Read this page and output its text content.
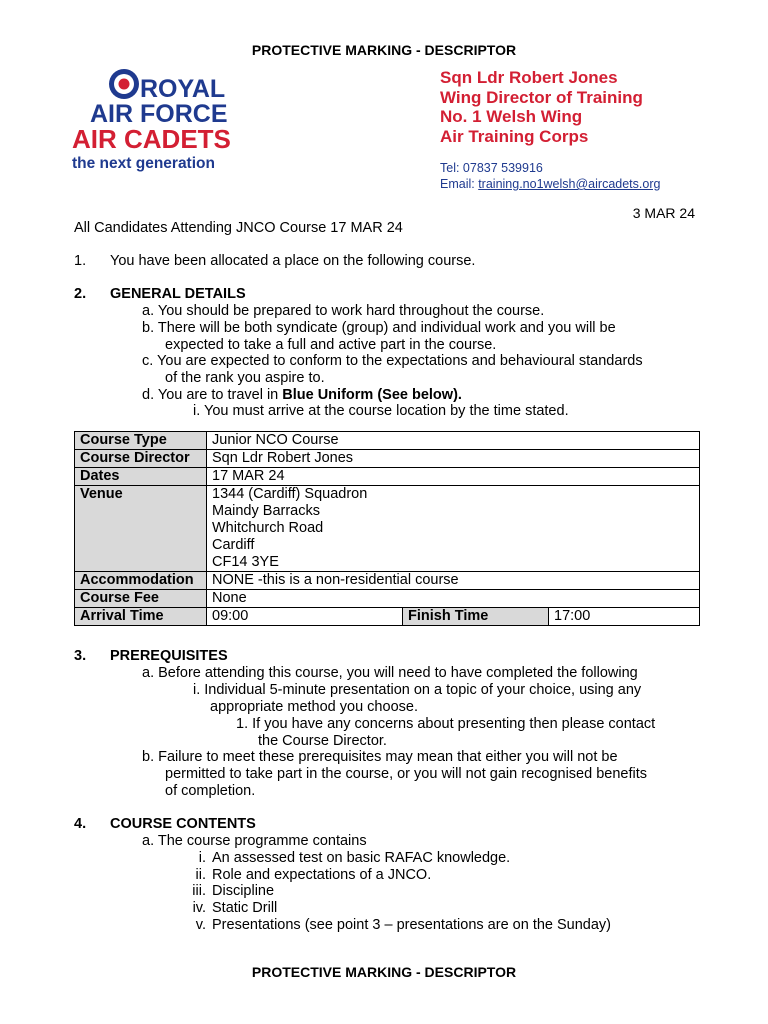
PROTECTIVE MARKING - DESCRIPTOR
ROYAL
AIR FORCE
AIR CADETS
the next generation
Sqn Ldr Robert Jones
Wing Director of Training
No. 1 Welsh Wing
Air Training Corps
Tel: 07837 539916
Email: training.no1welsh@aircadets.org
3 MAR 24
All Candidates Attending JNCO Course 17 MAR 24
1. You have been allocated a place on the following course.
2. GENERAL DETAILS
a. You should be prepared to work hard throughout the course.
b. There will be both syndicate (group) and individual work and you will be
expected to take a full and active part in the course.
c. You are expected to conform to the expectations and behavioural standards
of the rank you aspire to.
d. You are to travel in Blue Uniform (See below).
i. You must arrive at the course location by the time stated.
Course Type	Junior NCO Course		
Course Director	Sqn Ldr Robert Jones		
Dates	17 MAR 24		
Venue	1344 (Cardiff) Squadron
Maindy Barracks
Whitchurch Road
Cardiff
CF14 3YE		

Accommodation	NONE -this is a non-residential course		
Course Fee	None		
Arrival Time	09:00	Finish Time	17:00
3. PREREQUISITES
a. Before attending this course, you will need to have completed the following
i. Individual 5-minute presentation on a topic of your choice, using any
appropriate method you choose.
1. If you have any concerns about presenting then please contact
the Course Director.
b. Failure to meet these prerequisites may mean that either you will not be
permitted to take part in the course, or you will not gain recognised benefits
of completion.
4. COURSE CONTENTS
a. The course programme contains
i. An assessed test on basic RAFAC knowledge.
ii. Role and expectations of a JNCO.
iii. Discipline
iv. Static Drill
v. Presentations (see point 3 – presentations are on the Sunday)
PROTECTIVE MARKING - DESCRIPTOR
